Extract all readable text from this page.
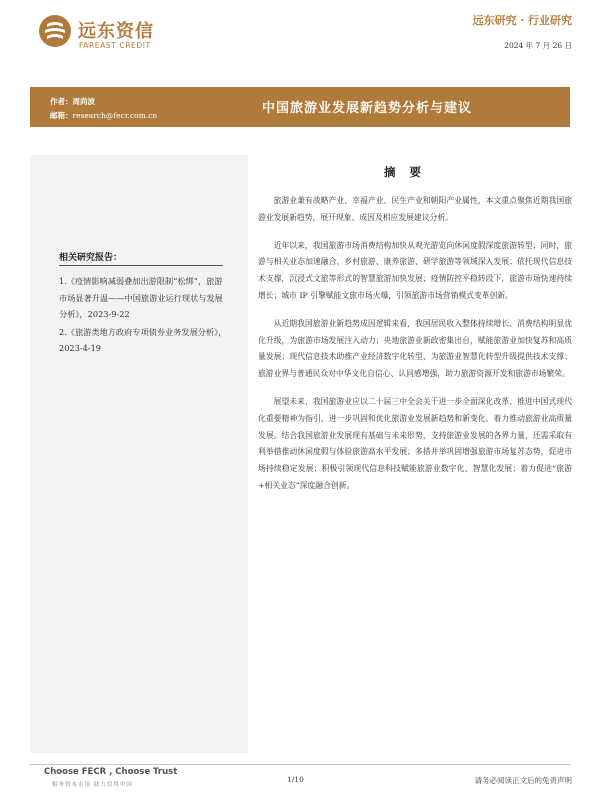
远东资信
FAREAST CREDIT
远东研究 · 行业研究
2024 年 7 月 26 日
作者：周尚波
邮箱：research@fecr.com.cn	中国旅游业发展新趋势分析与建议
相关研究报告：
1.《疫情影响减弱叠加出游限制“松绑”，旅游市场显著升温——中国旅游业运行现状与发展分析》，2023-9-22
2.《旅游类地方政府专项债券业务发展分析》，2023-4-19
摘 要

旅游业兼有战略产业、幸福产业、民生产业和朝阳产业属性，本文重点聚焦近期我国旅游业发展新趋势，展开现象、成因及相应发展建议分析。

近年以来，我国旅游市场消费结构加快从观光游览向休闲度假深度旅游转型；同时，旅游与相关业态加速融合，乡村旅游、康养旅游、研学旅游等领域深入发展；依托现代信息技术支撑，沉浸式文旅等形式的智慧旅游加快发展；疫情防控平稳转段下，旅游市场快速持续增长；城市 IP 引擎赋能文旅市场火爆，引领旅游市场营销模式变革创新。

从近期我国旅游业新趋势成因逻辑来看，我国居民收入整体持续增长、消费结构明显优化升级，为旅游市场发展注入动力；央地旅游业新政密集出台，赋能旅游业加快复苏和高质量发展；现代信息技术助推产业经济数字化转型，为旅游业智慧化转型升级提供技术支撑；旅游业界与普通民众对中华文化自信心、认同感增强，助力旅游资源开发和旅游市场繁荣。

展望未来，我国旅游业应以二十届三中全会关于进一步全面深化改革、推进中国式现代化重要精神为指引，进一步巩固和优化旅游业发展新趋势和新变化，着力推动旅游业高质量发展。结合我国旅游业发展现有基础与未来形势，支持旅游业发展的各界力量，还需采取有利举措推动休闲度假与体验旅游高水平发展；多措并举巩固增强旅游市场复苏态势，促进市场持续稳定发展；积极引领现代信息科技赋能旅游业数字化、智慧化发展；着力促进“旅游+相关业态”深度融合创新。

Choose FECR , Choose Trust
服务资本市场 助力信用中国
1/10	请务必阅读正文后的免责声明
